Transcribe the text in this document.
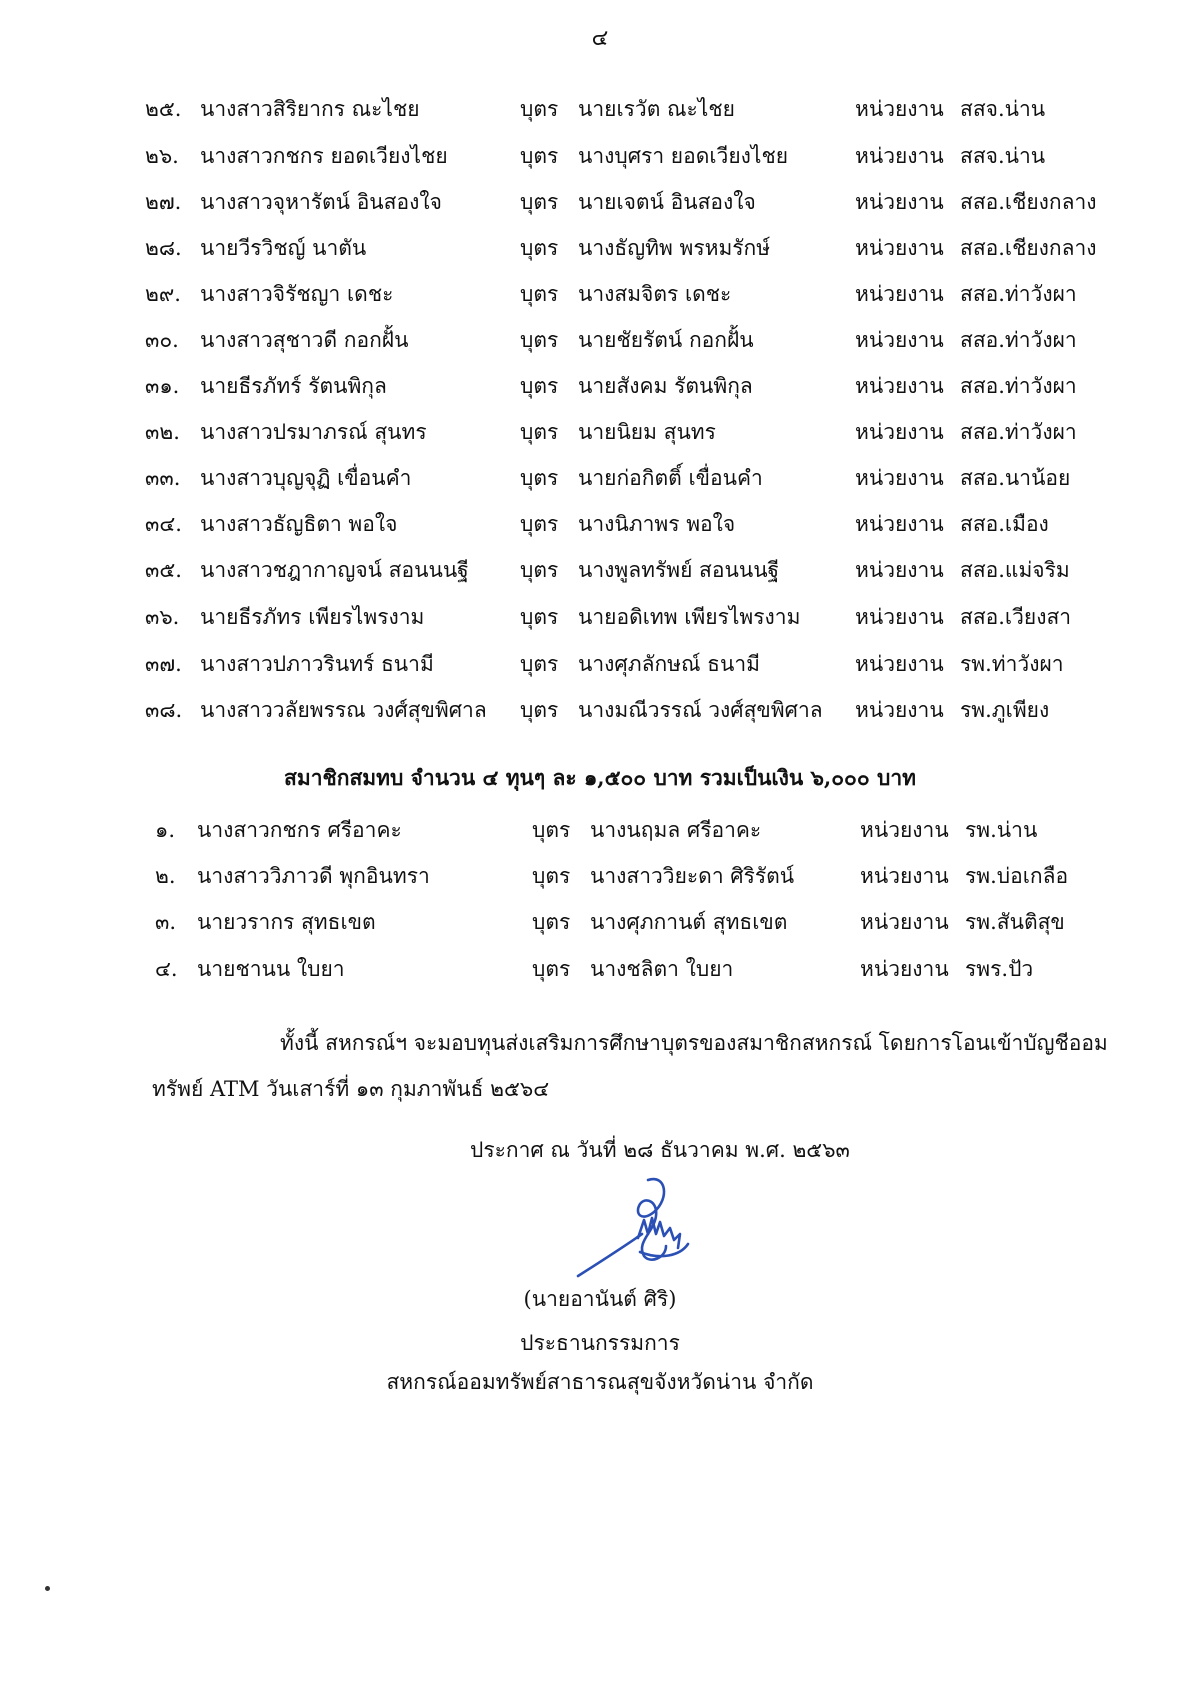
๔
๒๕. นางสาวสิริยากร ณะไชย	บุตร นายเรวัต ณะไชย	หน่วยงาน สสจ.น่าน
๒๖. นางสาวกชกร ยอดเวียงไชย	บุตร นางบุศรา ยอดเวียงไชย	หน่วยงาน สสจ.น่าน
๒๗. นางสาวจุหารัตน์ อินสองใจ	บุตร นายเจตน์ อินสองใจ	หน่วยงาน สสอ.เชียงกลาง
๒๘. นายวีรวิชญ์ นาตัน	บุตร นางธัญทิพ พรหมรักษ์	หน่วยงาน สสอ.เชียงกลาง
๒๙. นางสาวจิรัชญา เดชะ	บุตร นางสมจิตร เดชะ	หน่วยงาน สสอ.ท่าวังผา
๓๐. นางสาวสุชาวดี กอกฝั้น	บุตร นายชัยรัตน์ กอกฝั้น	หน่วยงาน สสอ.ท่าวังผา
๓๑. นายธีรภัทร์ รัตนพิกุล	บุตร นายสังคม รัตนพิกุล	หน่วยงาน สสอ.ท่าวังผา
๓๒. นางสาวปรมาภรณ์ สุนทร	บุตร นายนิยม สุนทร	หน่วยงาน สสอ.ท่าวังผา
๓๓. นางสาวบุญจุฏิ เขื่อนคำ	บุตร นายก่อกิตติ์ เขื่อนคำ	หน่วยงาน สสอ.นาน้อย
๓๔. นางสาวธัญธิตา พอใจ	บุตร นางนิภาพร พอใจ	หน่วยงาน สสอ.เมือง
๓๕. นางสาวชฎากาญจน์ สอนนนฐี บุตร นางพูลทรัพย์ สอนนนฐี	หน่วยงาน สสอ.แม่จริม
๓๖. นายธีรภัทร เพียรไพรงาม	บุตร นายอดิเทพ เพียรไพรงาม	หน่วยงาน สสอ.เวียงสา
๓๗. นางสาวปภาวรินทร์ ธนามี	บุตร นางศุภลักษณ์ ธนามี	หน่วยงาน รพ.ท่าวังผา
๓๘. นางสาววลัยพรรณ วงศ์สุขพิศาล บุตร นางมณีวรรณ์ วงศ์สุขพิศาล หน่วยงาน รพ.ภูเพียง
สมาชิกสมทบ จำนวน ๔ ทุนๆ ละ ๑,๕๐๐ บาท รวมเป็นเงิน ๖,๐๐๐ บาท
๑. นางสาวกชกร ศรีอาคะ	บุตร นางนฤมล ศรีอาคะ	หน่วยงาน รพ.น่าน
๒. นางสาววิภาวดี พุกอินทรา	บุตร นางสาววิยะดา ศิริรัตน์	หน่วยงาน รพ.บ่อเกลือ
๓. นายวรากร สุทธเขต	บุตร นางศุภกานต์ สุทธเขต	หน่วยงาน รพ.สันติสุข
๔. นายชานน ใบยา	บุตร นางชลิตา ใบยา	หน่วยงาน รพร.ปัว
ทั้งนี้ สหกรณ์ฯ จะมอบทุนส่งเสริมการศึกษาบุตรของสมาชิกสหกรณ์ โดยการโอนเข้าบัญชีออมทรัพย์ ATM วันเสาร์ที่ ๑๓ กุมภาพันธ์ ๒๕๖๔
ประกาศ ณ วันที่ ๒๘ ธันวาคม พ.ศ. ๒๕๖๓
(นายอานันต์ ศิริ)
ประธานกรรมการ
สหกรณ์ออมทรัพย์สาธารณสุขจังหวัดน่าน จำกัด
